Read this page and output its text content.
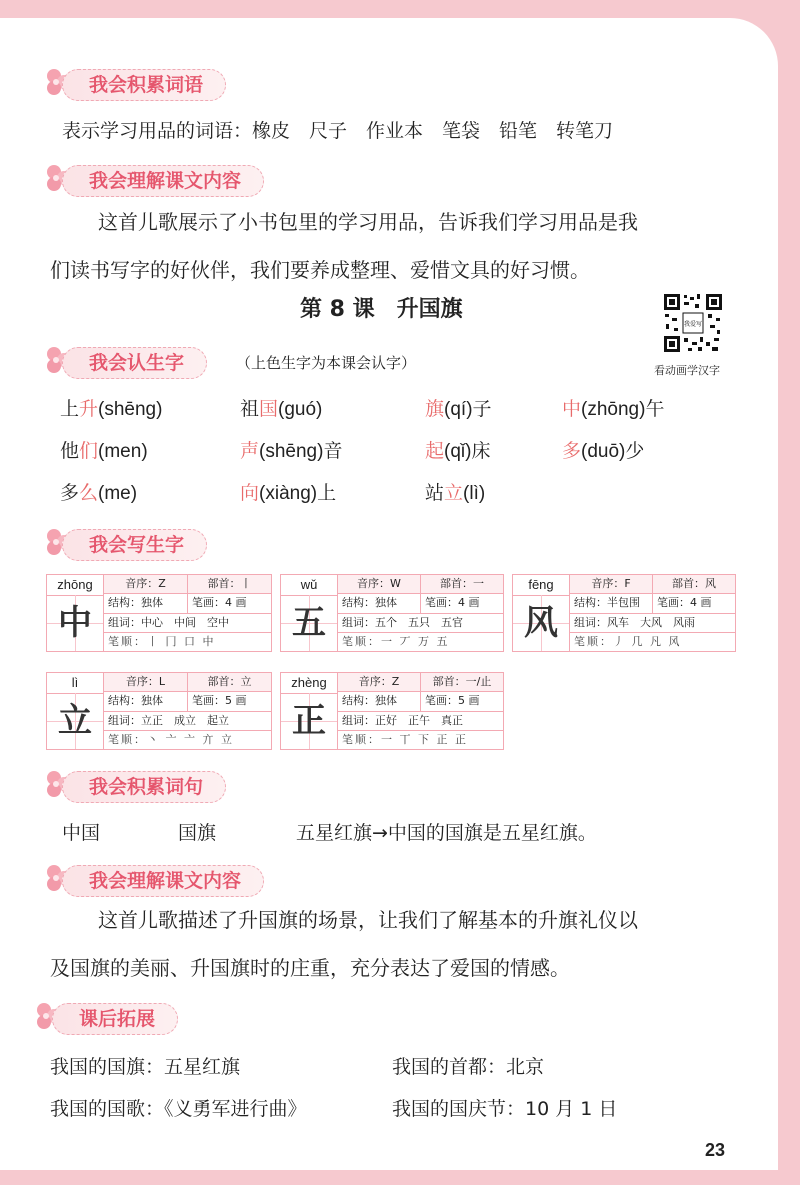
我会积累词语
表示学习用品的词语：橡皮　尺子　作业本　笔袋　铅笔　转笔刀
我会理解课文内容
这首儿歌展示了小书包里的学习用品，告诉我们学习用品是我
们读书写字的好伙伴，我们要养成整理、爱惜文具的好习惯。
第 8 课　升国旗
我爱写
看动画学汉字
我会认生字	（上色生字为本课会认字）
上升(shēng)	祖国(guó)	旗(qí)子	中(zhōng)午
他们(men)	声(shēng)音	起(qǐ)床	多(duō)少
多么(me)	向(xiàng)上	站立(lì)
我会写生字
zhōng
中
音序：Z	部首：丨
结构：独体	笔画：4 画
组词：中心　中间　空中
笔顺：丨 冂 口 中
wǔ
五
音序：W	部首：一
结构：独体	笔画：4 画
组词：五个　五只　五官
笔顺：一 丆 万 五
fēng
风
音序：F	部首：风
结构：半包围	笔画：4 画
组词：风车　大风　风雨
笔顺：丿 几 凡 风
lì
立
音序：L	部首：立
结构：独体	笔画：5 画
组词：立正　成立　起立
笔顺：丶 亠 亠 亣 立
zhèng
正
音序：Z	部首：一/止
结构：独体	笔画：5 画
组词：正好　正午　真正
笔顺：一 丅 下 正 正
我会积累词句
中国	国旗	五星红旗→中国的国旗是五星红旗。
我会理解课文内容
这首儿歌描述了升国旗的场景，让我们了解基本的升旗礼仪以
及国旗的美丽、升国旗时的庄重，充分表达了爱国的情感。
课后拓展
我国的国旗：五星红旗	我国的首都：北京
我国的国歌：《义勇军进行曲》	我国的国庆节：10 月 1 日
23
